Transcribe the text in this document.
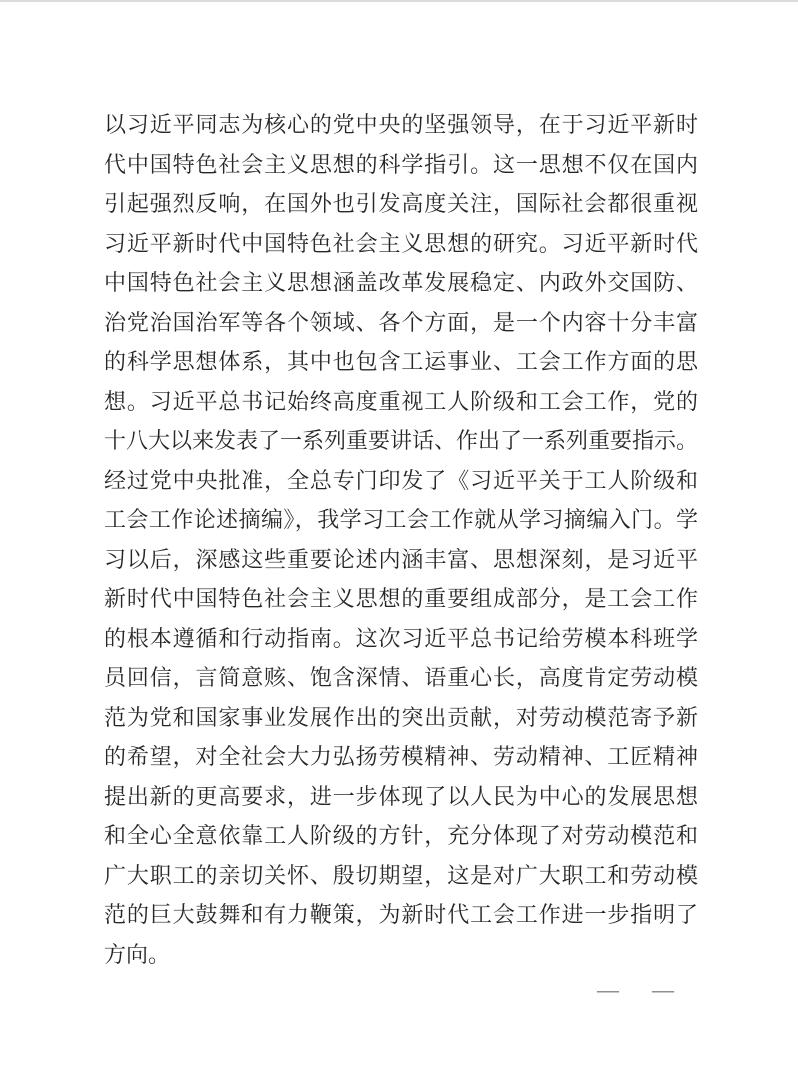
以习近平同志为核心的党中央的坚强领导，在于习近平新时
代中国特色社会主义思想的科学指引。这一思想不仅在国内
引起强烈反响，在国外也引发高度关注，国际社会都很重视
习近平新时代中国特色社会主义思想的研究。习近平新时代
中国特色社会主义思想涵盖改革发展稳定、内政外交国防、
治党治国治军等各个领域、各个方面，是一个内容十分丰富
的科学思想体系，其中也包含工运事业、工会工作方面的思
想。习近平总书记始终高度重视工人阶级和工会工作，党的
十八大以来发表了一系列重要讲话、作出了一系列重要指示。
经过党中央批准，全总专门印发了《习近平关于工人阶级和
工会工作论述摘编》，我学习工会工作就从学习摘编入门。学
习以后，深感这些重要论述内涵丰富、思想深刻，是习近平
新时代中国特色社会主义思想的重要组成部分，是工会工作
的根本遵循和行动指南。这次习近平总书记给劳模本科班学
员回信，言简意赅、饱含深情、语重心长，高度肯定劳动模
范为党和国家事业发展作出的突出贡献，对劳动模范寄予新
的希望，对全社会大力弘扬劳模精神、劳动精神、工匠精神
提出新的更高要求，进一步体现了以人民为中心的发展思想
和全心全意依靠工人阶级的方针，充分体现了对劳动模范和
广大职工的亲切关怀、殷切期望，这是对广大职工和劳动模
范的巨大鼓舞和有力鞭策，为新时代工会工作进一步指明了
方向。
— —
